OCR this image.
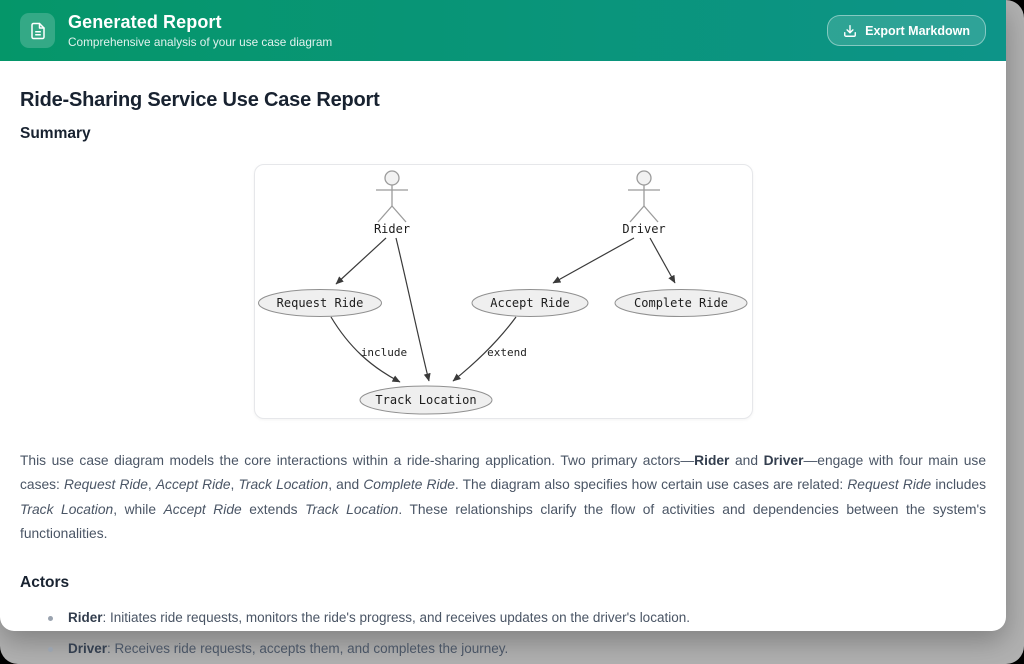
Generated Report
Comprehensive analysis of your use case diagram
Export Markdown
Ride-Sharing Service Use Case Report
Summary
include	extend
Rider	Driver
Request Ride	Accept Ride	Complete Ride
Track Location

This use case diagram models the core interactions within a ride-sharing application. Two primary actors—Rider and Driver—engage with four main use cases: Request Ride, Accept Ride, Track Location, and Complete Ride. The diagram also specifies how certain use cases are related: Request Ride includes Track Location, while Accept Ride extends Track Location. These relationships clarify the flow of activities and dependencies between the system's functionalities.

Actors
Rider: Initiates ride requests, monitors the ride's progress, and receives updates on the driver's location.
Driver: Receives ride requests, accepts them, and completes the journey.
